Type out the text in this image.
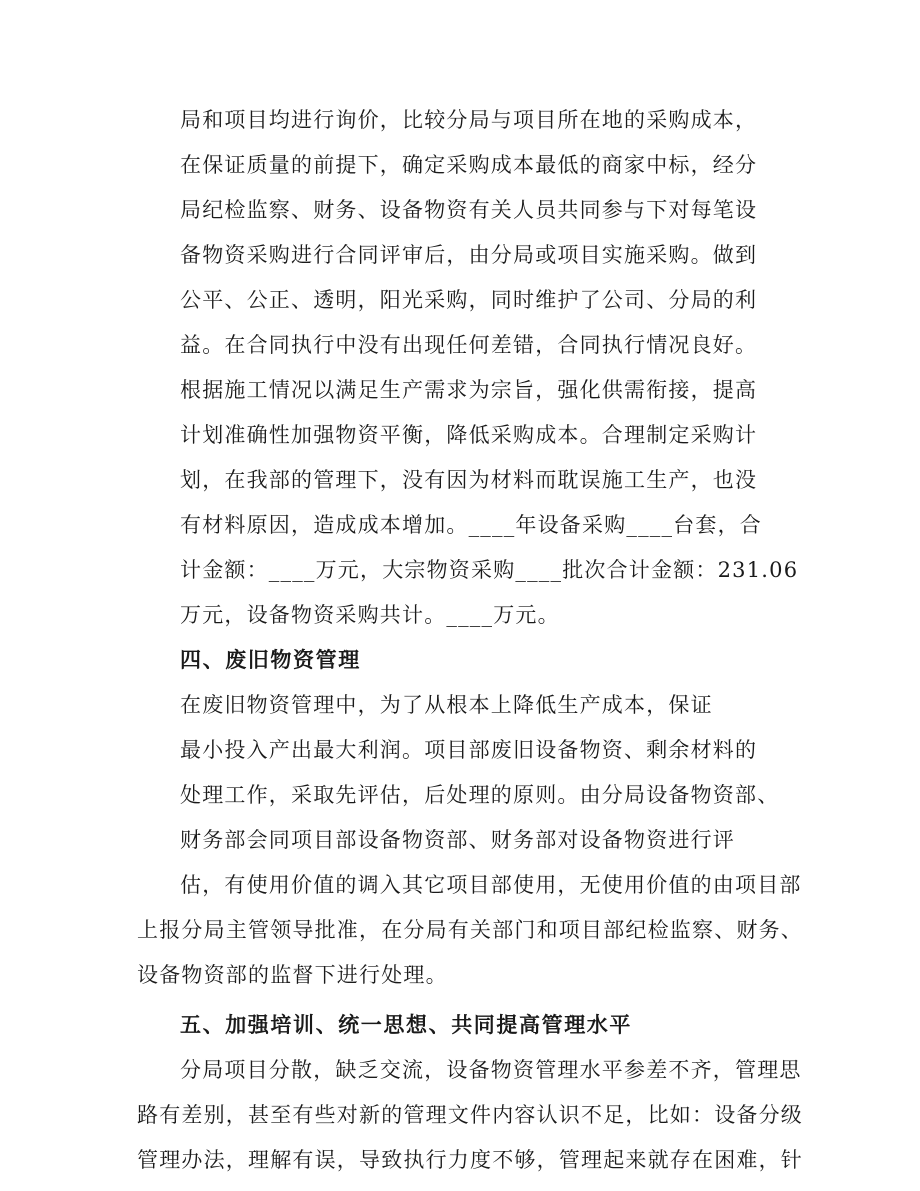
局和项目均进行询价，比较分局与项目所在地的采购成本，
在保证质量的前提下，确定采购成本最低的商家中标，经分
局纪检监察、财务、设备物资有关人员共同参与下对每笔设
备物资采购进行合同评审后，由分局或项目实施采购。做到
公平、公正、透明，阳光采购，同时维护了公司、分局的利
益。在合同执行中没有出现任何差错，合同执行情况良好。
根据施工情况以满足生产需求为宗旨，强化供需衔接，提高
计划准确性加强物资平衡，降低采购成本。合理制定采购计
划，在我部的管理下，没有因为材料而耽误施工生产，也没
有材料原因，造成成本增加。____年设备采购____台套，合
计金额：____万元，大宗物资采购____批次合计金额：231.06
万元，设备物资采购共计。____万元。
四、废旧物资管理
在废旧物资管理中，为了从根本上降低生产成本，保证
最小投入产出最大利润。项目部废旧设备物资、剩余材料的
处理工作，采取先评估，后处理的原则。由分局设备物资部、
财务部会同项目部设备物资部、财务部对设备物资进行评
估，有使用价值的调入其它项目部使用，无使用价值的由项目部
上报分局主管领导批准，在分局有关部门和项目部纪检监察、财务、
设备物资部的监督下进行处理。
五、加强培训、统一思想、共同提高管理水平
分局项目分散，缺乏交流，设备物资管理水平参差不齐，管理思
路有差别，甚至有些对新的管理文件内容认识不足，比如：设备分级
管理办法，理解有误，导致执行力度不够，管理起来就存在困难，针
